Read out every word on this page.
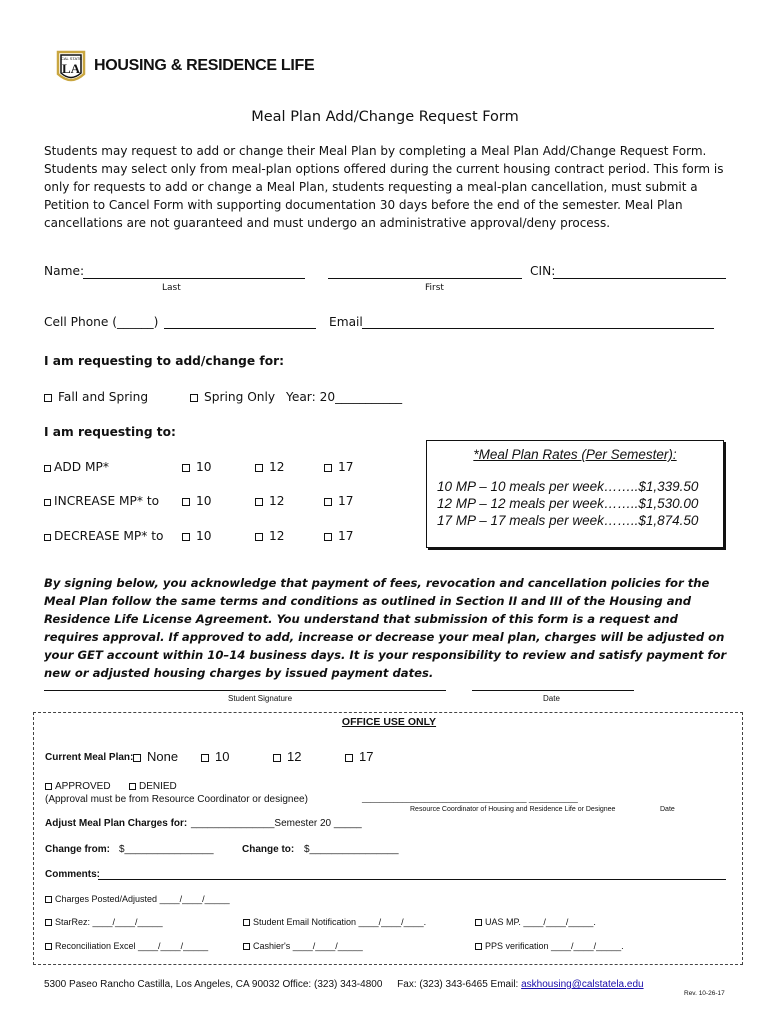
CAL STATE
LA HOUSING & RESIDENCE LIFE
Meal Plan Add/Change Request Form
Students may request to add or change their Meal Plan by completing a Meal Plan Add/Change Request Form. Students may select only from meal-plan options offered during the current housing contract period. This form is only for requests to add or change a Meal Plan, students requesting a meal-plan cancellation, must submit a Petition to Cancel Form with supporting documentation 30 days before the end of the semester. Meal Plan cancellations are not guaranteed and must undergo an administrative approval/deny process.
Name:	CIN:
Last	First
Cell Phone (______)	Email
I am requesting to add/change for:
Fall and Spring	Spring Only Year: 20___________
I am requesting to:
ADD MP*	10	12	17
INCREASE MP* to	10	12	17
DECREASE MP* to	10	12	17
*Meal Plan Rates (Per Semester):
10 MP – 10 meals per week……..$1,339.50
12 MP – 12 meals per week……..$1,530.00
17 MP – 17 meals per week……..$1,874.50
By signing below, you acknowledge that payment of fees, revocation and cancellation policies for the Meal Plan follow the same terms and conditions as outlined in Section II and III of the Housing and Residence Life License Agreement. You understand that submission of this form is a request and requires approval. If approved to add, increase or decrease your meal plan, charges will be adjusted on your GET account within 10–14 business days. It is your responsibility to review and satisfy payment for new or adjusted housing charges by issued payment dates.
Student Signature	Date
OFFICE USE ONLY
Current Meal Plan:	None	10	12	17
APPROVED	DENIED
(Approval must be from Resource Coordinator or designee)	_____________________________________ ___________
Resource Coordinator of Housing and Residence Life or Designee	Date
Adjust Meal Plan Charges for: _______________Semester 20 _____
Change from: $________________	Change to: $________________
Comments:
Charges Posted/Adjusted ____/____/_____
StarRez: ____/____/_____	Student Email Notification ____/____/____.	UAS MP. ____/____/_____.
Reconciliation Excel ____/____/_____	Cashier's ____/____/_____	PPS verification ____/____/_____.
5300 Paseo Rancho Castilla, Los Angeles, CA 90032 Office: (323) 343-4800 Fax: (323) 343-6465 Email: askhousing@calstatela.edu
Rev. 10-26-17
